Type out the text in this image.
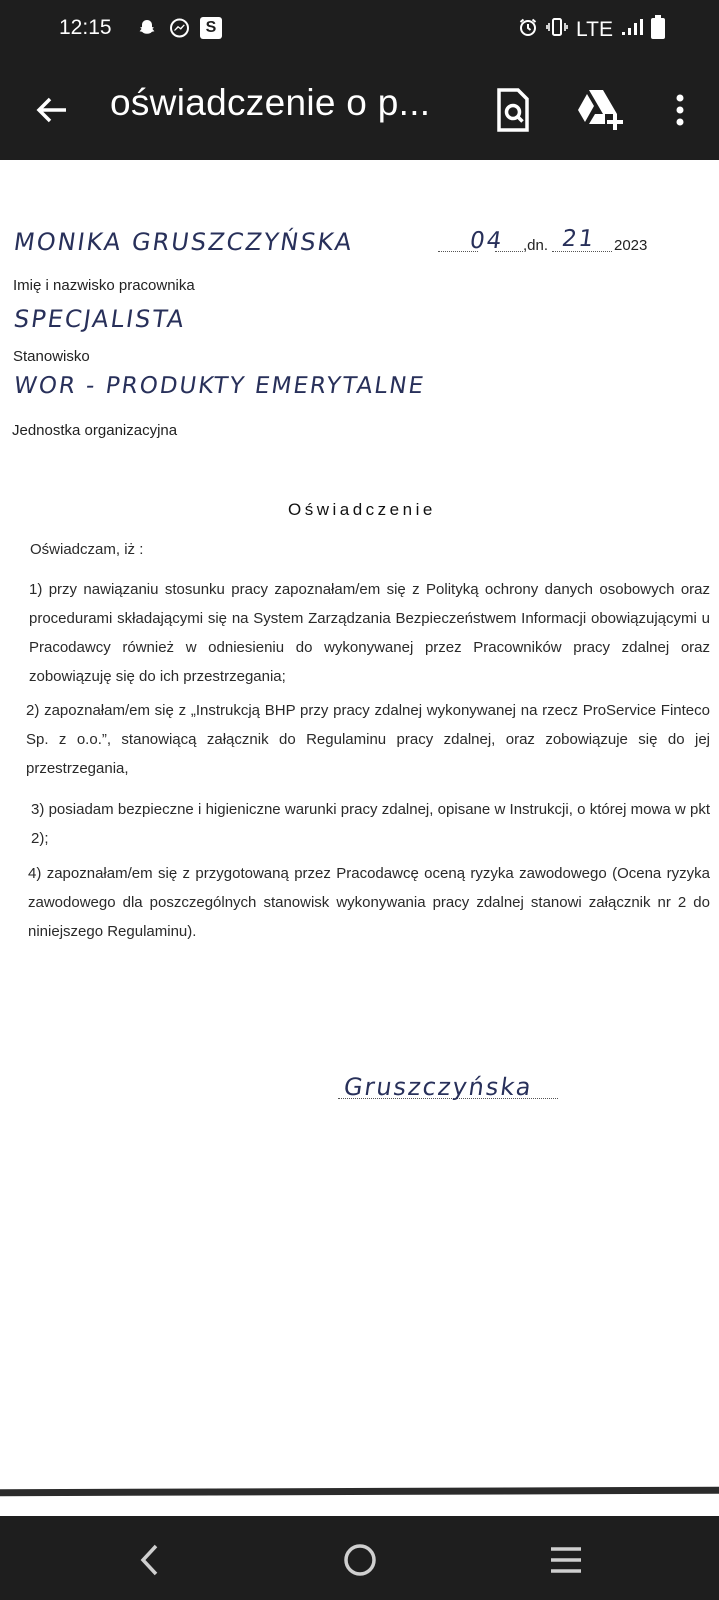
12:15	S	LTE
oświadczenie o p...
MONIKA GRUSZCZYŃSKA	04 ,dn. 21 2023
Imię i nazwisko pracownika
SPECJALISTA
Stanowisko
WOR - PRODUKTY EMERYTALNE
Jednostka organizacyjna
Oświadczenie
Oświadczam, iż :
1) przy nawiązaniu stosunku pracy zapoznałam/em się z Polityką ochrony danych osobowych oraz procedurami składającymi się na System Zarządzania Bezpieczeństwem Informacji obowiązującymi u Pracodawcy również w odniesieniu do wykonywanej przez Pracowników pracy zdalnej oraz zobowiązuję się do ich przestrzegania;
2) zapoznałam/em się z „Instrukcją BHP przy pracy zdalnej wykonywanej na rzecz ProService Finteco Sp. z o.o.”, stanowiącą załącznik do Regulaminu pracy zdalnej, oraz zobowiązuje się do jej przestrzegania,
3) posiadam bezpieczne i higieniczne warunki pracy zdalnej, opisane w Instrukcji, o której mowa w pkt 2);
4) zapoznałam/em się z przygotowaną przez Pracodawcę oceną ryzyka zawodowego (Ocena ryzyka zawodowego dla poszczególnych stanowisk wykonywania pracy zdalnej stanowi załącznik nr 2 do niniejszego Regulaminu).
Gruszczyńska
